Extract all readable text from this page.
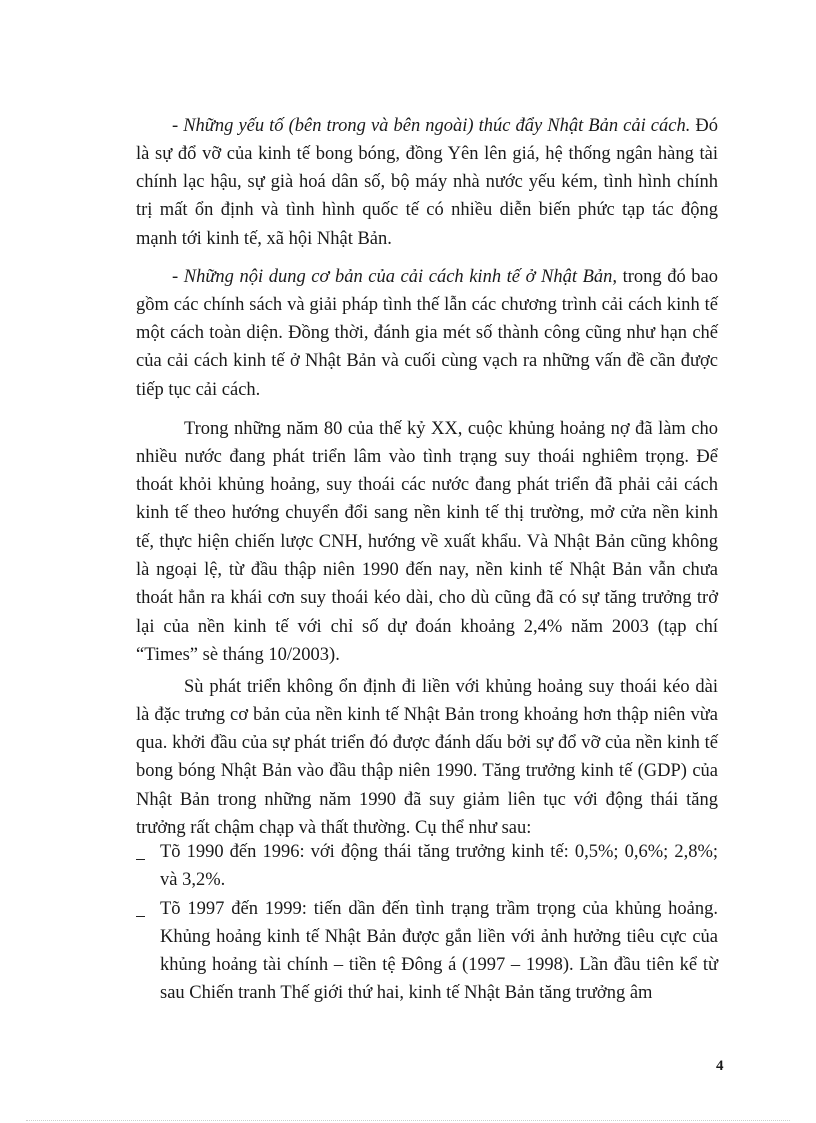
- Những yếu tố (bên trong và bên ngoài) thúc đẩy Nhật Bản cải cách. Đó là sự đổ vỡ của kinh tế bong bóng, đồng Yên lên giá, hệ thống ngân hàng tài chính lạc hậu, sự già hoá dân số, bộ máy nhà nước yếu kém, tình hình chính trị mất ổn định và tình hình quốc tế có nhiều diễn biến phức tạp tác động mạnh tới kinh tế, xã hội Nhật Bản.

- Những nội dung cơ bản của cải cách kinh tế ở Nhật Bản, trong đó bao gồm các chính sách và giải pháp tình thế lẫn các chương trình cải cách kinh tế một cách toàn diện. Đồng thời, đánh gia mét số thành công cũng như hạn chế của cải cách kinh tế ở Nhật Bản và cuối cùng vạch ra những vấn đề cần được tiếp tục cải cách.

Trong những năm 80 của thế kỷ XX, cuộc khủng hoảng nợ đã làm cho nhiều nước đang phát triển lâm vào tình trạng suy thoái nghiêm trọng. Để thoát khỏi khủng hoảng, suy thoái các nước đang phát triển đã phải cải cách kinh tế theo hướng chuyển đổi sang nền kinh tế thị trường, mở cửa nền kinh tế, thực hiện chiến lược CNH, hướng về xuất khẩu. Và Nhật Bản cũng không là ngoại lệ, từ đầu thập niên 1990 đến nay, nền kinh tế Nhật Bản vẫn chưa thoát hẳn ra khái cơn suy thoái kéo dài, cho dù cũng đã có sự tăng trưởng trở lại của nền kinh tế với chỉ số dự đoán khoảng 2,4% năm 2003 (tạp chí “Times” sè tháng 10/2003).

Sù phát triển không ổn định đi liền với khủng hoảng suy thoái kéo dài là đặc trưng cơ bản của nền kinh tế Nhật Bản trong khoảng hơn thập niên vừa qua. khởi đầu của sự phát triển đó được đánh dấu bởi sự đổ vỡ của nền kinh tế bong bóng Nhật Bản vào đầu thập niên 1990. Tăng trưởng kinh tế (GDP) của Nhật Bản trong những năm 1990 đã suy giảm liên tục với động thái tăng trưởng rất chậm chạp và thất thường. Cụ thể như sau:

Tõ 1990 đến 1996: với động thái tăng trưởng kinh tế: 0,5%; 0,6%; 2,8%; và 3,2%.
Tõ 1997 đến 1999: tiến dần đến tình trạng trầm trọng của khủng hoảng. Khủng hoảng kinh tế Nhật Bản được gắn liền với ảnh hưởng tiêu cực của khủng hoảng tài chính – tiền tệ Đông á (1997 – 1998). Lần đầu tiên kể từ sau Chiến tranh Thế giới thứ hai, kinh tế Nhật Bản tăng trưởng âm
4
